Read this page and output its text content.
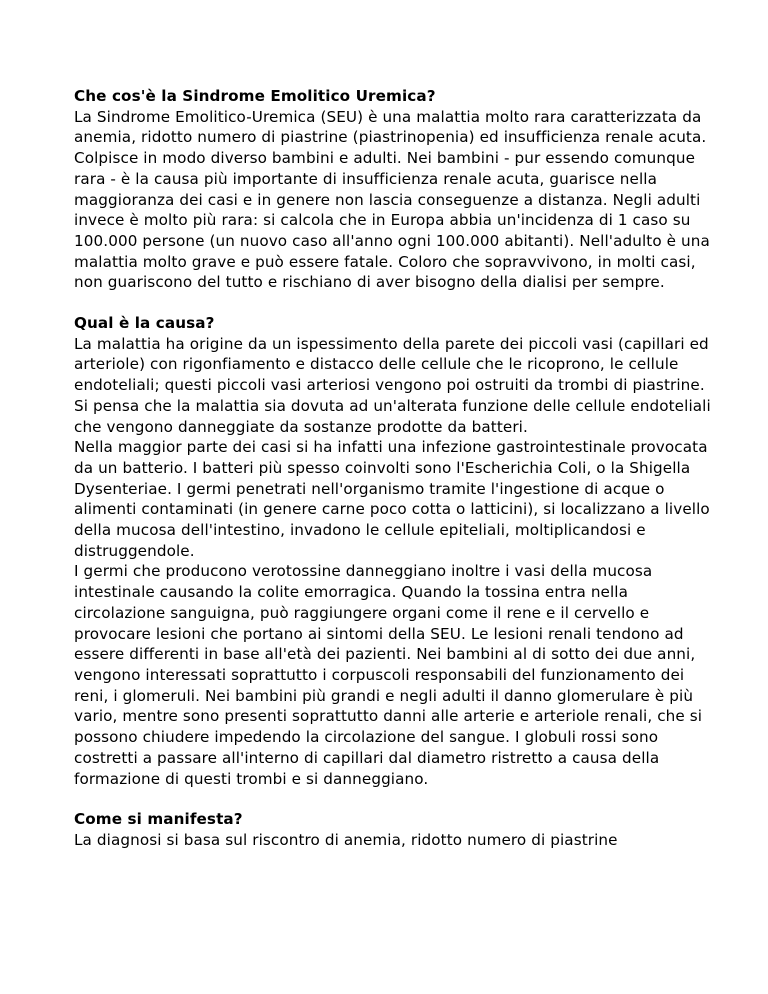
Che cos'è la Sindrome Emolitico Uremica?

La Sindrome Emolitico-Uremica (SEU) è una malattia molto rara caratterizzata da anemia, ridotto numero di piastrine (piastrinopenia) ed insufficienza renale acuta. Colpisce in modo diverso bambini e adulti. Nei bambini - pur essendo comunque rara - è la causa più importante di insufficienza renale acuta, guarisce nella maggioranza dei casi e in genere non lascia conseguenze a distanza. Negli adulti invece è molto più rara: si calcola che in Europa abbia un'incidenza di 1 caso su 100.000 persone (un nuovo caso all'anno ogni 100.000 abitanti). Nell'adulto è una malattia molto grave e può essere fatale. Coloro che sopravvivono, in molti casi, non guariscono del tutto e rischiano di aver bisogno della dialisi per sempre.

Qual è la causa?

La malattia ha origine da un ispessimento della parete dei piccoli vasi (capillari ed arteriole) con rigonfiamento e distacco delle cellule che le ricoprono, le cellule endoteliali; questi piccoli vasi arteriosi vengono poi ostruiti da trombi di piastrine. Si pensa che la malattia sia dovuta ad un'alterata funzione delle cellule endoteliali che vengono danneggiate da sostanze prodotte da batteri.

Nella maggior parte dei casi si ha infatti una infezione gastrointestinale provocata da un batterio. I batteri più spesso coinvolti sono l'Escherichia Coli, o la Shigella Dysenteriae. I germi penetrati nell'organismo tramite l'ingestione di acque o alimenti contaminati (in genere carne poco cotta o latticini), si localizzano a livello della mucosa dell'intestino, invadono le cellule epiteliali, moltiplicandosi e distruggendole.

I germi che producono verotossine danneggiano inoltre i vasi della mucosa intestinale causando la colite emorragica. Quando la tossina entra nella circolazione sanguigna, può raggiungere organi come il rene e il cervello e provocare lesioni che portano ai sintomi della SEU. Le lesioni renali tendono ad essere differenti in base all'età dei pazienti. Nei bambini al di sotto dei due anni, vengono interessati soprattutto i corpuscoli responsabili del funzionamento dei reni, i glomeruli. Nei bambini più grandi e negli adulti il danno glomerulare è più vario, mentre sono presenti soprattutto danni alle arterie e arteriole renali, che si possono chiudere impedendo la circolazione del sangue. I globuli rossi sono costretti a passare all'interno di capillari dal diametro ristretto a causa della formazione di questi trombi e si danneggiano.

Come si manifesta?

La diagnosi si basa sul riscontro di anemia, ridotto numero di piastrine
